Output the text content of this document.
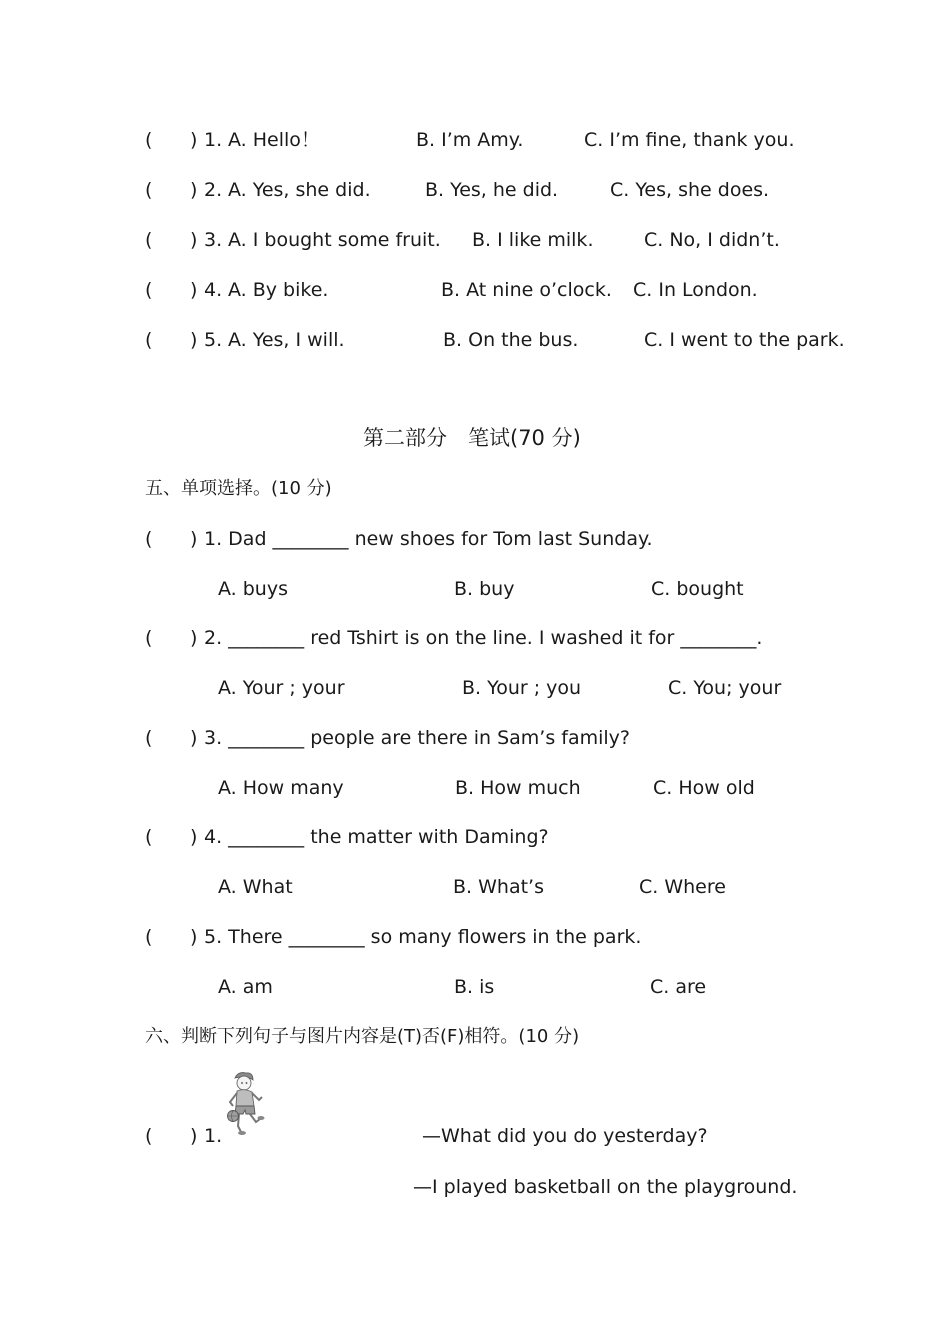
( ) 1. A. Hello！	B. I’m Amy.	C. I’m fine, thank you.
( ) 2. A. Yes, she did.	B. Yes, he did.	C. Yes, she does.
( ) 3. A. I bought some fruit. B. I like milk.	C. No, I didn’t.
( ) 4. A. By bike.	B. At nine o’clock. C. In London.
( ) 5. A. Yes, I will.	B. On the bus.	C. I went to the park.
第二部分　笔试(70 分)
五、单项选择。(10 分)
( ) 1. Dad ________ new shoes for Tom last Sunday.
A. buys	B. buy	C. bought
( ) 2. ________ red Tshirt is on the line. I washed it for ________.
A. Your ; your	B. Your ; you	C. You; your
( ) 3. ________ people are there in Sam’s family?
A. How many	B. How much	C. How old
( ) 4. ________ the matter with Daming?
A. What	B. What’s	C. Where
( ) 5. There ________ so many flowers in the park.
A. am	B. is	C. are
六、判断下列句子与图片内容是(T)否(F)相符。(10 分)
( ) 1.	—What did you do yesterday?
—I played basketball on the playground.
